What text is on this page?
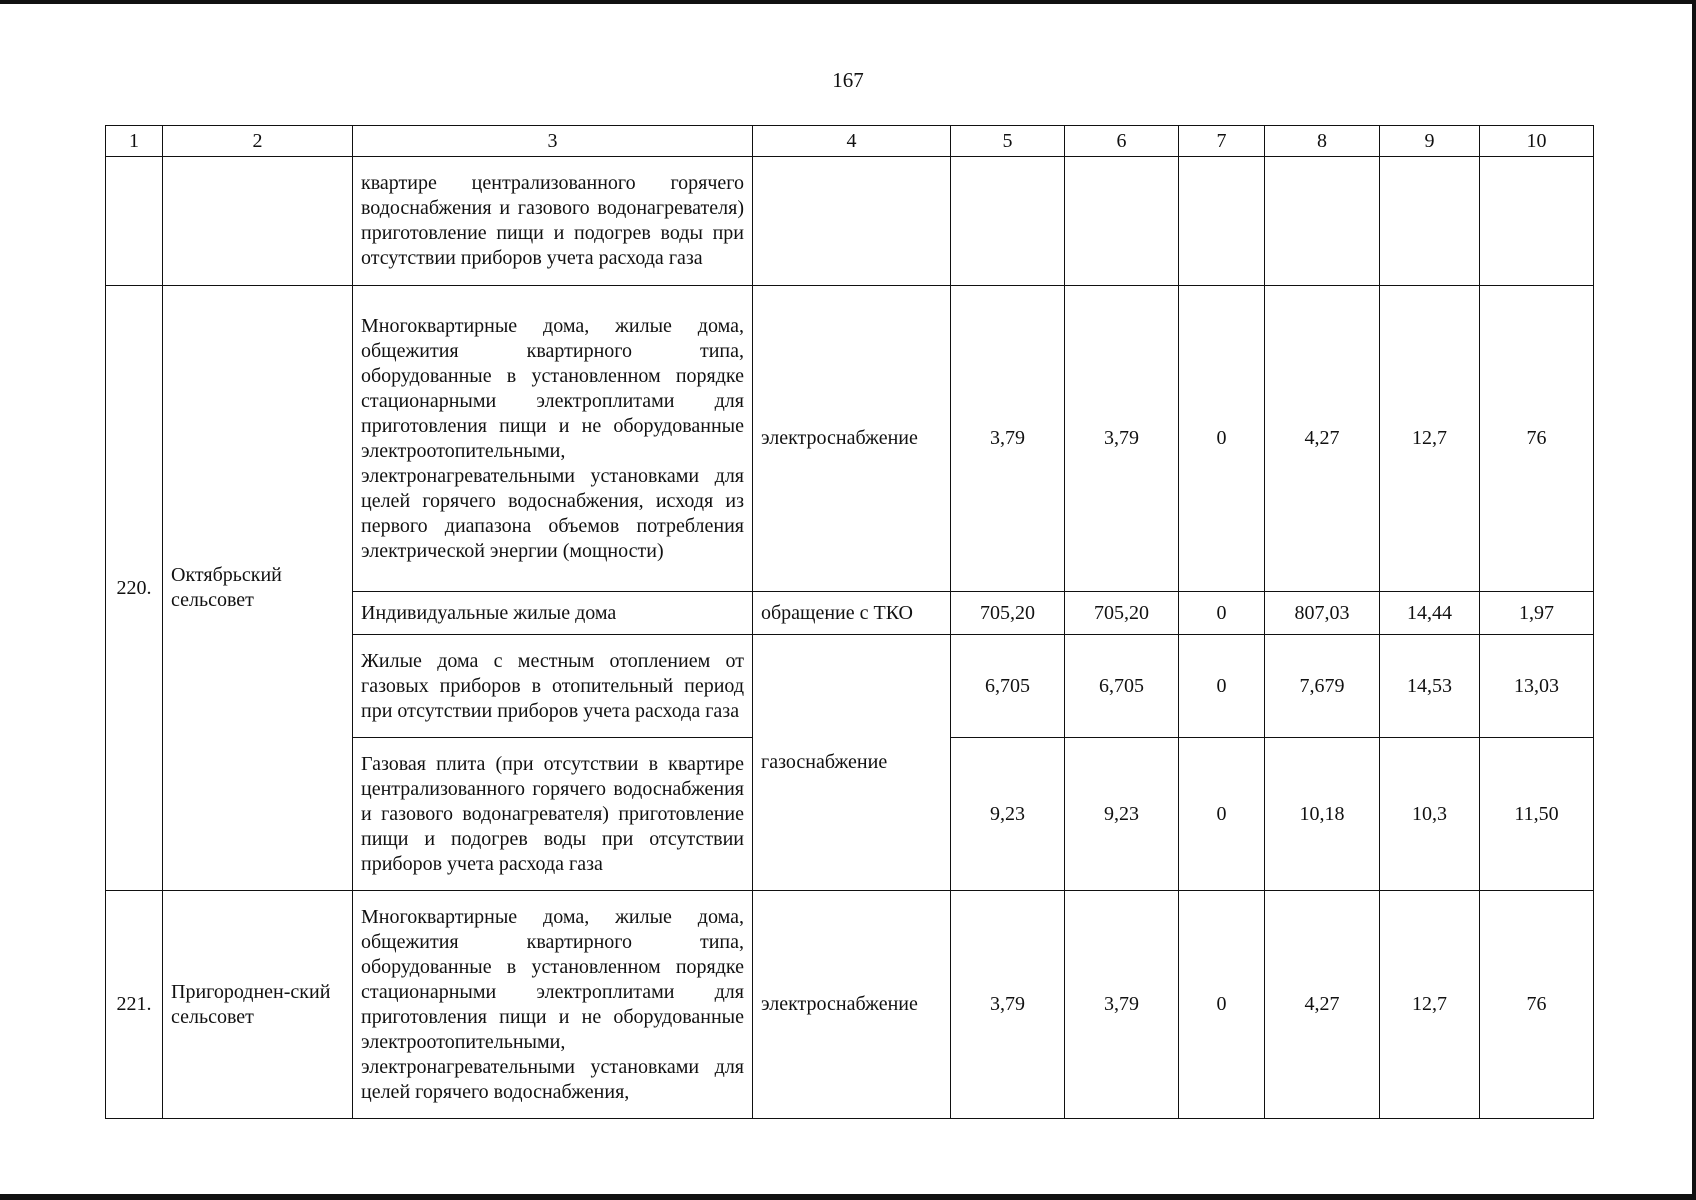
167
1	2	3	4	5	6	7	8	9	10
		квартире централизованного горячего водоснабжения и газового водонагревателя) приготовление пищи и подогрев воды при отсутствии приборов учета расхода газа							
220.	Октябрьский сельсовет	Многоквартирные дома, жилые дома, общежития квартирного типа, оборудованные в установленном порядке стационарными электроплитами для приготовления пищи и не оборудованные электроотопительными, электронагревательными установками для целей горячего водоснабжения, исходя из первого диапазона объемов потребления электрической энергии (мощности)	электроснабжение	3,79	3,79	0	4,27	12,7	76
		Индивидуальные жилые дома	обращение с ТКО	705,20	705,20	0	807,03	14,44	1,97
		Жилые дома с местным отоплением от газовых приборов в отопительный период при отсутствии приборов учета расхода газа	газоснабжение	6,705	6,705	0	7,679	14,53	13,03
		Газовая плита (при отсутствии в квартире централизованного горячего водоснабжения и газового водонагревателя) приготовление пищи и подогрев воды при отсутствии приборов учета расхода газа		9,23	9,23	0	10,18	10,3	11,50
221.	Пригороднен-ский сельсовет	Многоквартирные дома, жилые дома, общежития квартирного типа, оборудованные в установленном порядке стационарными электроплитами для приготовления пищи и не оборудованные электроотопительными, электронагревательными установками для целей горячего водоснабжения,	электроснабжение	3,79	3,79	0	4,27	12,7	76
